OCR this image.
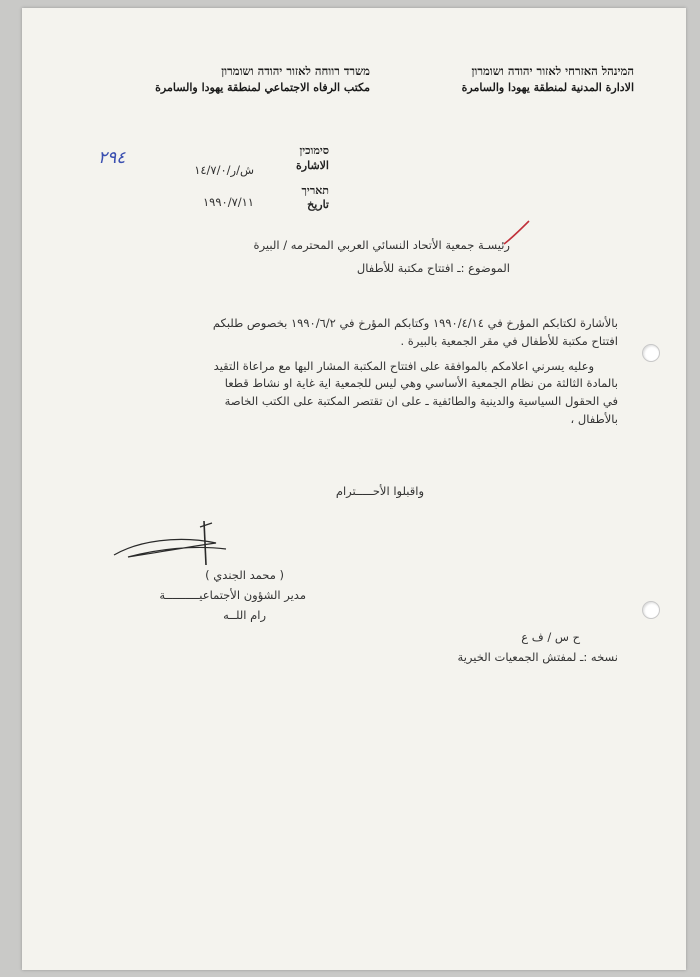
המינהל האזרחי לאזור יהודה ושומרון
الادارة المدنية لمنطقة يهودا والسامرة
משרד רווחה לאזור יהודה ושומרון
مكتب الرفاه الاجتماعي لمنطقة يهودا والسامرة
סימוכין
٢٩٤	الاشارة
ش/ر/١٤/٧/٠
תאריך
١٩٩٠/٧/١١	تاريخ
رئيسـة جمعية الأتحاد النسائي العربي المحترمه / البيرة
الموضوع :ـ افتتاح مكتبة للأطفال
بالأشارة لكتابكم المؤرخ في ١٩٩٠/٤/١٤ وكتابكم المؤرخ في ١٩٩٠/٦/٢ بخصوص طلبكم
افتتاح مكتبة للأطفال في مقر الجمعية بالبيرة .
وعليه يسرني اعلامكم بالموافقة على افتتاح المكتبة المشار اليها مع مراعاة التقيد
بالمادة الثالثة من نظام الجمعية الأساسي وهي ليس للجمعية اية غاية او نشاط قطعا
في الحقول السياسية والدينية والطائفية ـ على ان تقتصر المكتبة على الكتب الخاصة
بالأطفال ،
واقبلوا الأحـــــترام
( محمد الجندي )
مدير الشؤون الأجتماعيــــــــــة
رام اللــه
ح س / ف ع
نسخه :ـ لمفتش الجمعيات الخيرية
